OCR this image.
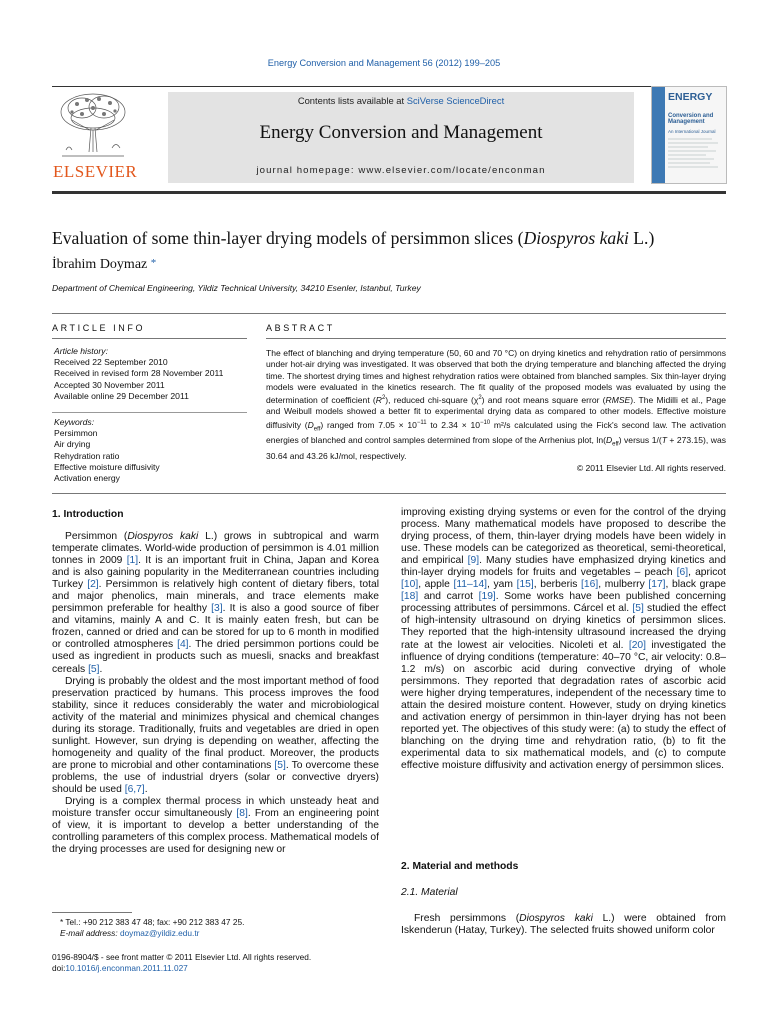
Energy Conversion and Management 56 (2012) 199–205
ELSEVIER
Contents lists available at SciVerse ScienceDirect
Energy Conversion and Management
journal homepage: www.elsevier.com/locate/enconman
ENERGY
Conversion and Management
An International Journal
Evaluation of some thin-layer drying models of persimmon slices (Diospyros kaki L.)
İbrahim Doymaz *
Department of Chemical Engineering, Yildiz Technical University, 34210 Esenler, Istanbul, Turkey
ARTICLE INFO
Article history:
Received 22 September 2010
Received in revised form 28 November 2011
Accepted 30 November 2011
Available online 29 December 2011
Keywords:
Persimmon
Air drying
Rehydration ratio
Effective moisture diffusivity
Activation energy
ABSTRACT

The effect of blanching and drying temperature (50, 60 and 70 °C) on drying kinetics and rehydration ratio of persimmons under hot-air drying was investigated. It was observed that both the drying temperature and blanching affected the drying time. The shortest drying times and highest rehydration ratios were obtained from blanched samples. Six thin-layer drying models were evaluated in the kinetics research. The fit quality of the proposed models was evaluated by using the determination of coefficient $(R^2)$, reduced chi-square $(\chi^2)$ and root means square error (RMSE). The Midilli et al., Page and Weibull models showed a better fit to experimental drying data as compared to other models. Effective moisture diffusivity $(D_{eff})$ ranged from $7.05 \times 10^{-11}$ to $2.34 \times 10^{-10}$ m²/s calculated using the Fick's second law. The activation energies of blanched and control samples determined from slope of the Arrhenius plot, $\ln(D_{eff})$ versus 1/(T + 273.15), was 30.64 and 43.26 kJ/mol, respectively.

© 2011 Elsevier Ltd. All rights reserved.

1. Introduction

Persimmon (Diospyros kaki L.) grows in subtropical and warm temperate climates. World-wide production of persimmon is 4.01 million tonnes in 2009 [1]. It is an important fruit in China, Japan and Korea and is also gaining popularity in the Mediterranean countries including Turkey [2]. Persimmon is relatively high content of dietary fibers, total and major phenolics, main minerals, and trace elements make persimmon preferable for healthy [3]. It is also a good source of fiber and vitamins, mainly A and C. It is mainly eaten fresh, but can be frozen, canned or dried and can be stored for up to 6 month in modified or controlled atmospheres [4]. The dried persimmon portions could be used as ingredient in products such as muesli, snacks and breakfast cereals [5].

Drying is probably the oldest and the most important method of food preservation practiced by humans. This process improves the food stability, since it reduces considerably the water and microbiological activity of the material and minimizes physical and chemical changes during its storage. Traditionally, fruits and vegetables are dried in open sunlight. However, sun drying is depending on weather, affecting the homogeneity and quality of the final product. Moreover, the products are prone to microbial and other contaminations [5]. To overcome these problems, the use of industrial dryers (solar or convective dryers) should be used [6,7].

Drying is a complex thermal process in which unsteady heat and moisture transfer occur simultaneously [8]. From an engineering point of view, it is important to develop a better understanding of the controlling parameters of this complex process. Mathematical models of the drying processes are used for designing new or

* Tel.: +90 212 383 47 48; fax: +90 212 383 47 25.
E-mail address: doymaz@yildiz.edu.tr
0196-8904/$ - see front matter © 2011 Elsevier Ltd. All rights reserved.
doi:10.1016/j.enconman.2011.11.027

improving existing drying systems or even for the control of the drying process. Many mathematical models have proposed to describe the drying process, of them, thin-layer drying models have been widely in use. These models can be categorized as theoretical, semi-theoretical, and empirical [9]. Many studies have emphasized drying kinetics and thin-layer drying models for fruits and vegetables – peach [6], apricot [10], apple [11–14], yam [15], berberis [16], mulberry [17], black grape [18] and carrot [19]. Some works have been published concerning processing attributes of persimmons. Cárcel et al. [5] studied the effect of high-intensity ultrasound on drying kinetics of persimmon slices. They reported that the high-intensity ultrasound increased the drying rate at the lowest air velocities. Nicoleti et al. [20] investigated the influence of drying conditions (temperature: 40–70 °C, air velocity: 0.8–1.2 m/s) on ascorbic acid during convective drying of whole persimmons. They reported that degradation rates of ascorbic acid were higher drying temperatures, independent of the necessary time to attain the desired moisture content. However, study on drying kinetics and activation energy of persimmon in thin-layer drying has not been reported yet. The objectives of this study were: (a) to study the effect of blanching on the drying time and rehydration ratio, (b) to fit the experimental data to six mathematical models, and (c) to compute effective moisture diffusivity and activation energy of persimmon slices.

2. Material and methods
2.1. Material

Fresh persimmons (Diospyros kaki L.) were obtained from Iskenderun (Hatay, Turkey). The selected fruits showed uniform color
